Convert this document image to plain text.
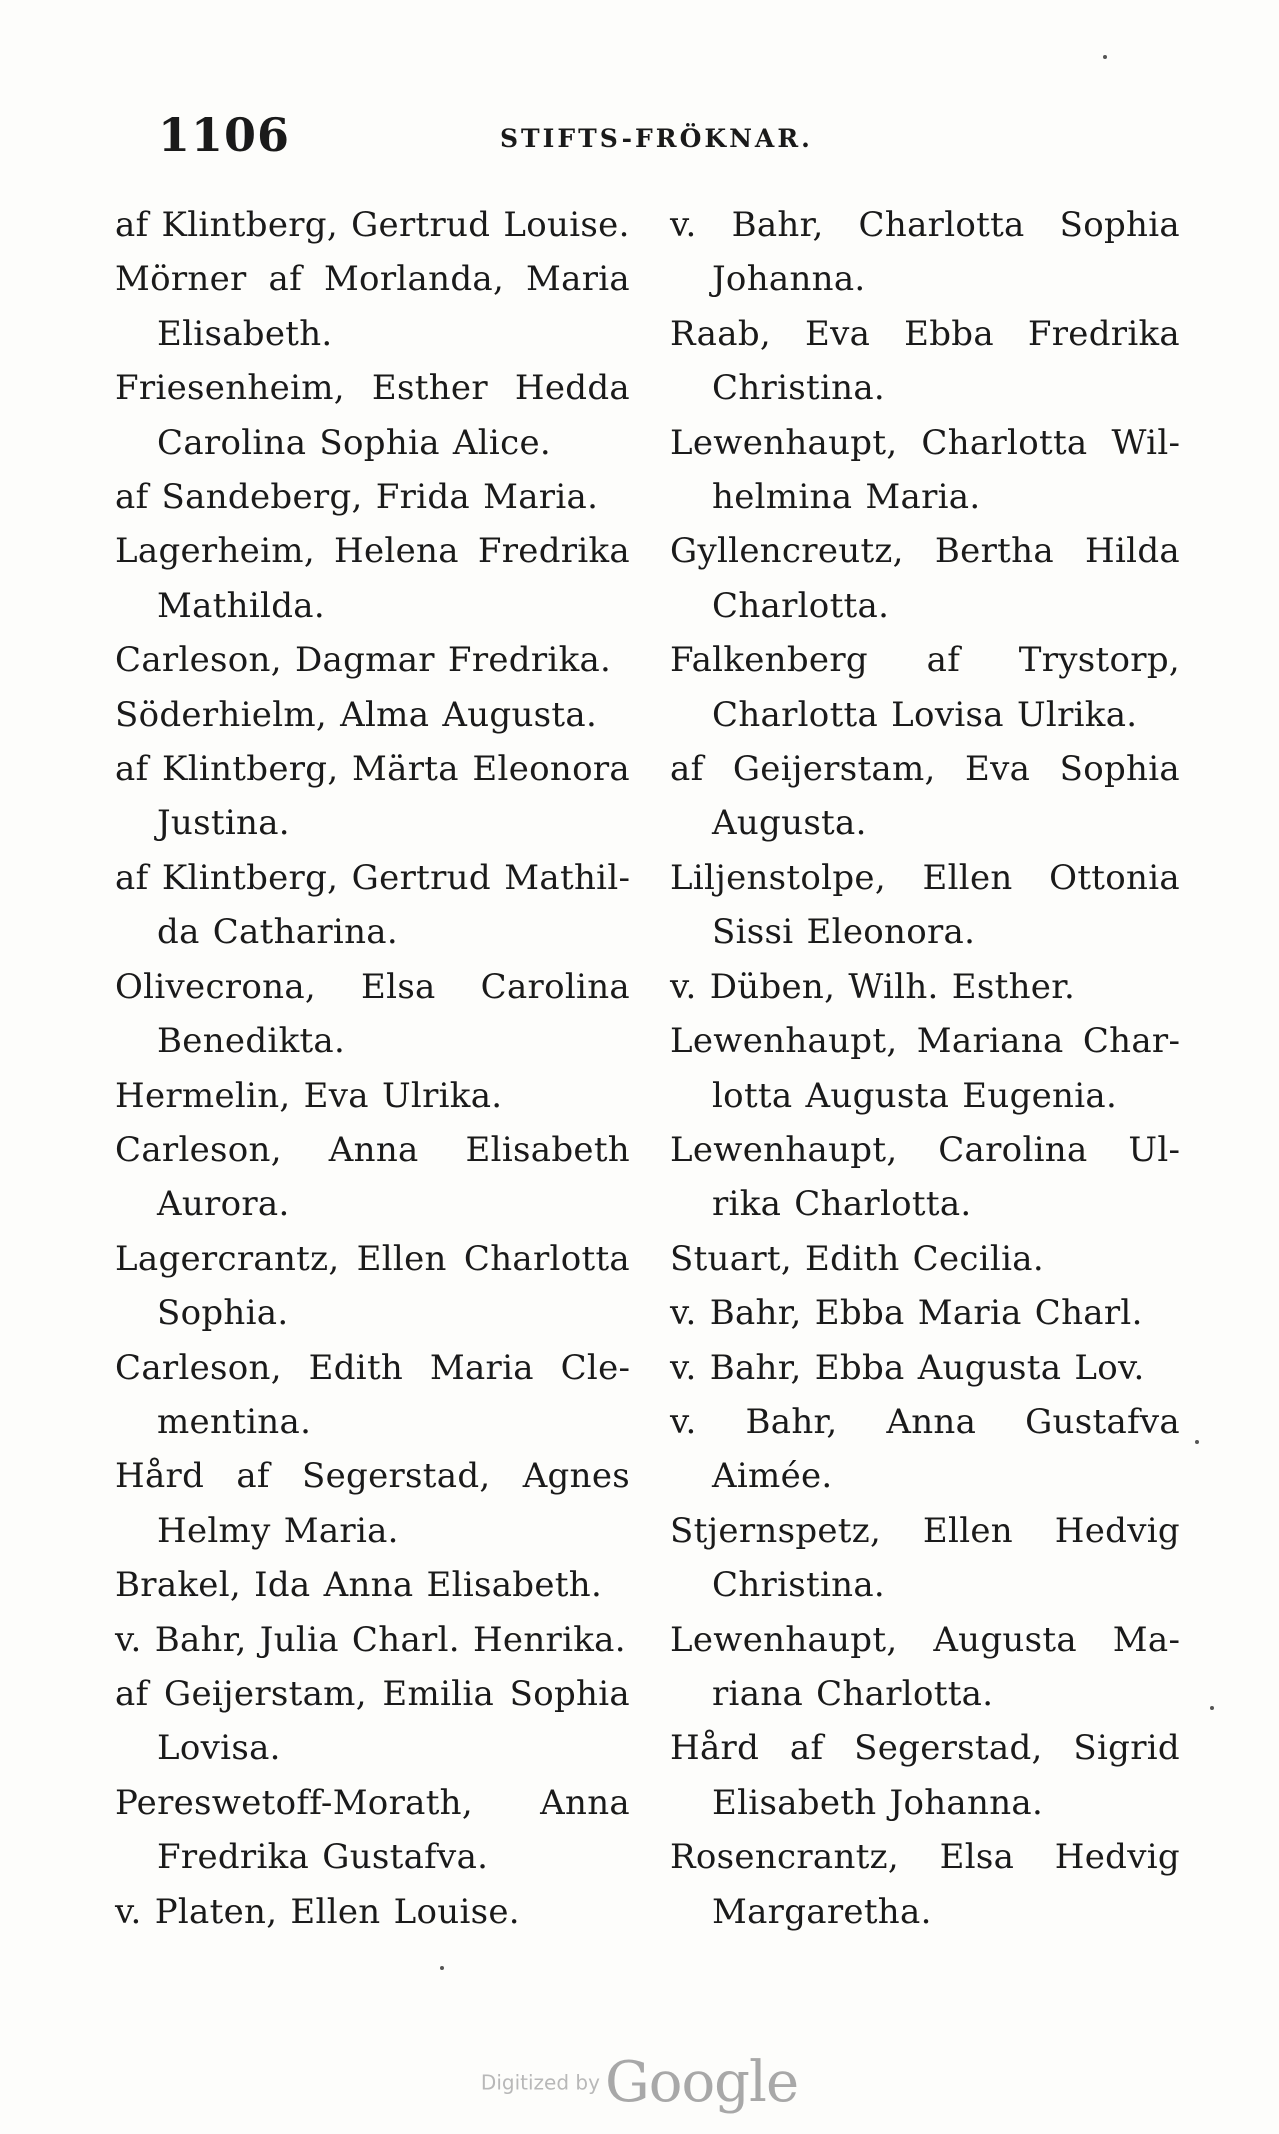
1106	STIFTS-FRÖKNAR.
af Klintberg, Gertrud Louise.
Mörner af Morlanda, Maria Elisabeth.
Friesenheim, Esther Hedda Carolina Sophia Alice.
af Sandeberg, Frida Maria.
Lagerheim, Helena Fredrika Mathilda.
Carleson, Dagmar Fredrika.
Söderhielm, Alma Augusta.
af Klintberg, Märta Eleonora Justina.
af Klintberg, Gertrud Mathilda Catharina.
Olivecrona, Elsa Carolina Benedikta.
Hermelin, Eva Ulrika.
Carleson, Anna Elisabeth Aurora.
Lagercrantz, Ellen Charlotta Sophia.
Carleson, Edith Maria Clementina.
Hård af Segerstad, Agnes Helmy Maria.
Brakel, Ida Anna Elisabeth.
v. Bahr, Julia Charl. Henrika.
af Geijerstam, Emilia Sophia Lovisa.
Pereswetoff-Morath, Anna Fredrika Gustafva.
v. Platen, Ellen Louise.
v. Bahr, Charlotta Sophia Johanna.
Raab, Eva Ebba Fredrika Christina.
Lewenhaupt, Charlotta Wilhelmina Maria.
Gyllencreutz, Bertha Hilda Charlotta.
Falkenberg af Trystorp, Charlotta Lovisa Ulrika.
af Geijerstam, Eva Sophia Augusta.
Liljenstolpe, Ellen Ottonia Sissi Eleonora.
v. Düben, Wilh. Esther.
Lewenhaupt, Mariana Charlotta Augusta Eugenia.
Lewenhaupt, Carolina Ulrika Charlotta.
Stuart, Edith Cecilia.
v. Bahr, Ebba Maria Charl.
v. Bahr, Ebba Augusta Lov.
v. Bahr, Anna Gustafva Aimée.
Stjernspetz, Ellen Hedvig Christina.
Lewenhaupt, Augusta Mariana Charlotta.
Hård af Segerstad, Sigrid Elisabeth Johanna.
Rosencrantz, Elsa Hedvig Margaretha.
Digitized by Google
